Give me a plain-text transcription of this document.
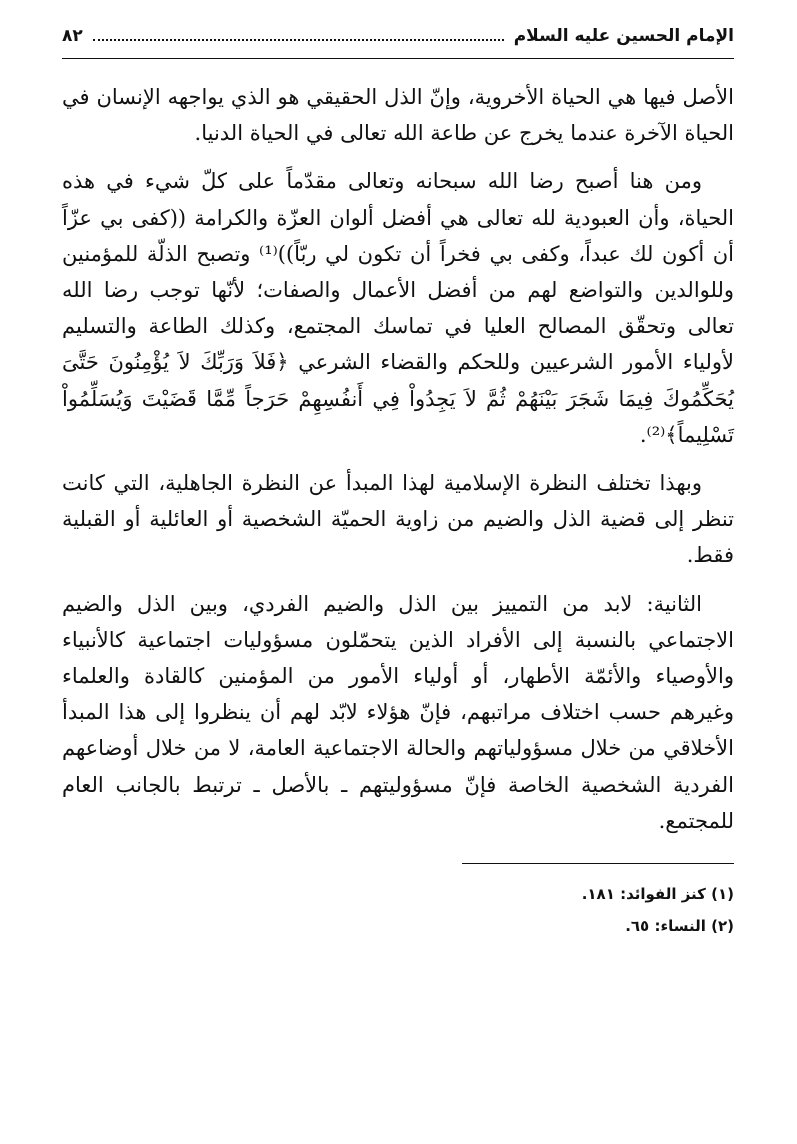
الإمام الحسين عليه السلام
٨٢

الأصل فيها هي الحياة الأخروية، وإنّ الذل الحقيقي هو الذي يواجهه الإنسان في الحياة الآخرة عندما يخرج عن طاعة الله تعالى في الحياة الدنيا.

ومن هنا أصبح رضا الله سبحانه وتعالى مقدّماً على كلّ شيء في هذه الحياة، وأن العبودية لله تعالى هي أفضل ألوان العزّة والكرامة ((كفى بي عزّاً أن أكون لك عبداً، وكفى بي فخراً أن تكون لي ربّاً))⁽¹⁾ وتصبح الذلّة للمؤمنين وللوالدين والتواضع لهم من أفضل الأعمال والصفات؛ لأنّها توجب رضا الله تعالى وتحقّق المصالح العليا في تماسك المجتمع، وكذلك الطاعة والتسليم لأولياء الأمور الشرعيين وللحكم والقضاء الشرعي ﴿فَلاَ وَرَبِّكَ لاَ يُؤْمِنُونَ حَتَّىَ يُحَكِّمُوكَ فِيمَا شَجَرَ بَيْنَهُمْ ثُمَّ لاَ يَجِدُواْ فِي أَنفُسِهِمْ حَرَجاً مِّمَّا قَضَيْتَ وَيُسَلِّمُواْ تَسْلِيماً﴾⁽²⁾.

وبهذا تختلف النظرة الإسلامية لهذا المبدأ عن النظرة الجاهلية، التي كانت تنظر إلى قضية الذل والضيم من زاوية الحميّة الشخصية أو العائلية أو القبلية فقط.

الثانية: لابد من التمييز بين الذل والضيم الفردي، وبين الذل والضيم الاجتماعي بالنسبة إلى الأفراد الذين يتحمّلون مسؤوليات اجتماعية كالأنبياء والأوصياء والأئمّة الأطهار، أو أولياء الأمور من المؤمنين كالقادة والعلماء وغيرهم حسب اختلاف مراتبهم، فإنّ هؤلاء لابّد لهم أن ينظروا إلى هذا المبدأ الأخلاقي من خلال مسؤولياتهم والحالة الاجتماعية العامة، لا من خلال أوضاعهم الفردية الشخصية الخاصة فإنّ مسؤوليتهم ـ بالأصل ـ ترتبط بالجانب العام للمجتمع.

(١) كنز الفوائد: ١٨١.
(٢) النساء: ٦٥.
